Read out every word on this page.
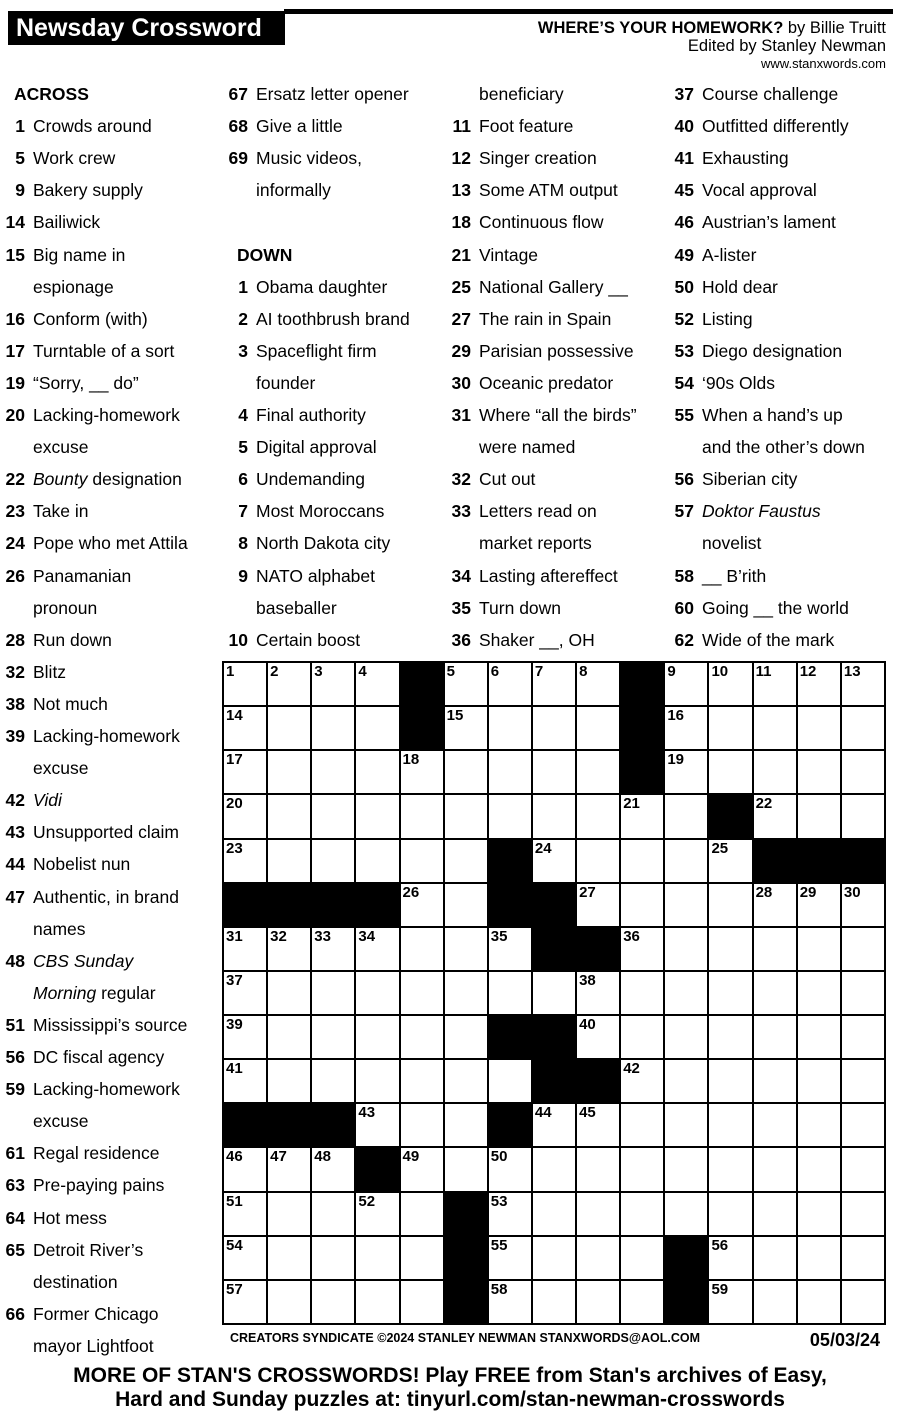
Newsday Crossword	WHERE’S YOUR HOMEWORK? by Billie Truitt
Edited by Stanley Newman
www.stanxwords.com
ACROSS
1 Crowds around
5 Work crew
9 Bakery supply
14 Bailiwick
15 Big name in
espionage
16 Conform (with)
17 Turntable of a sort
19 “Sorry, __ do”
20 Lacking-homework
excuse
22 Bounty designation
23 Take in
24 Pope who met Attila
26 Panamanian
pronoun
28 Run down
32 Blitz
38 Not much
39 Lacking-homework
excuse
42 Vidi
43 Unsupported claim
44 Nobelist nun
47 Authentic, in brand
names
48 CBS Sunday
Morning regular
51 Mississippi’s source
56 DC fiscal agency
59 Lacking-homework
excuse
61 Regal residence
63 Pre-paying pains
64 Hot mess
65 Detroit River’s
destination
66 Former Chicago
mayor Lightfoot
67 Ersatz letter opener
68 Give a little
69 Music videos,
informally
DOWN
1 Obama daughter
2 AI toothbrush brand
3 Spaceflight firm
founder
4 Final authority
5 Digital approval
6 Undemanding
7 Most Moroccans
8 North Dakota city
9 NATO alphabet
baseballer
10 Certain boost
beneficiary
11 Foot feature
12 Singer creation
13 Some ATM output
18 Continuous flow
21 Vintage
25 National Gallery __
27 The rain in Spain
29 Parisian possessive
30 Oceanic predator
31 Where “all the birds”
were named
32 Cut out
33 Letters read on
market reports
34 Lasting aftereffect
35 Turn down
36 Shaker __, OH
37 Course challenge
40 Outfitted differently
41 Exhausting
45 Vocal approval
46 Austrian’s lament
49 A-lister
50 Hold dear
52 Listing
53 Diego designation
54 ‘90s Olds
55 When a hand’s up
and the other’s down
56 Siberian city
57 Doktor Faustus
novelist
58 __ B’rith
60 Going __ the world
62 Wide of the mark
1 2 3 4	5 6 7 8	9 10 11 12 13
14	15	16
17	18	19
20	21	22
23	24	25
26	27	28 29 30
31 32 33 34	35	36
37	38
39	40
41	42
43	44 45
46 47 48	49	50
51	52	53
54	55	56
57	58	59
CREATORS SYNDICATE ©2024 STANLEY NEWMAN STANXWORDS@AOL.COM	05/03/24
MORE OF STAN'S CROSSWORDS! Play FREE from Stan's archives of Easy,
Hard and Sunday puzzles at: tinyurl.com/stan-newman-crosswords
